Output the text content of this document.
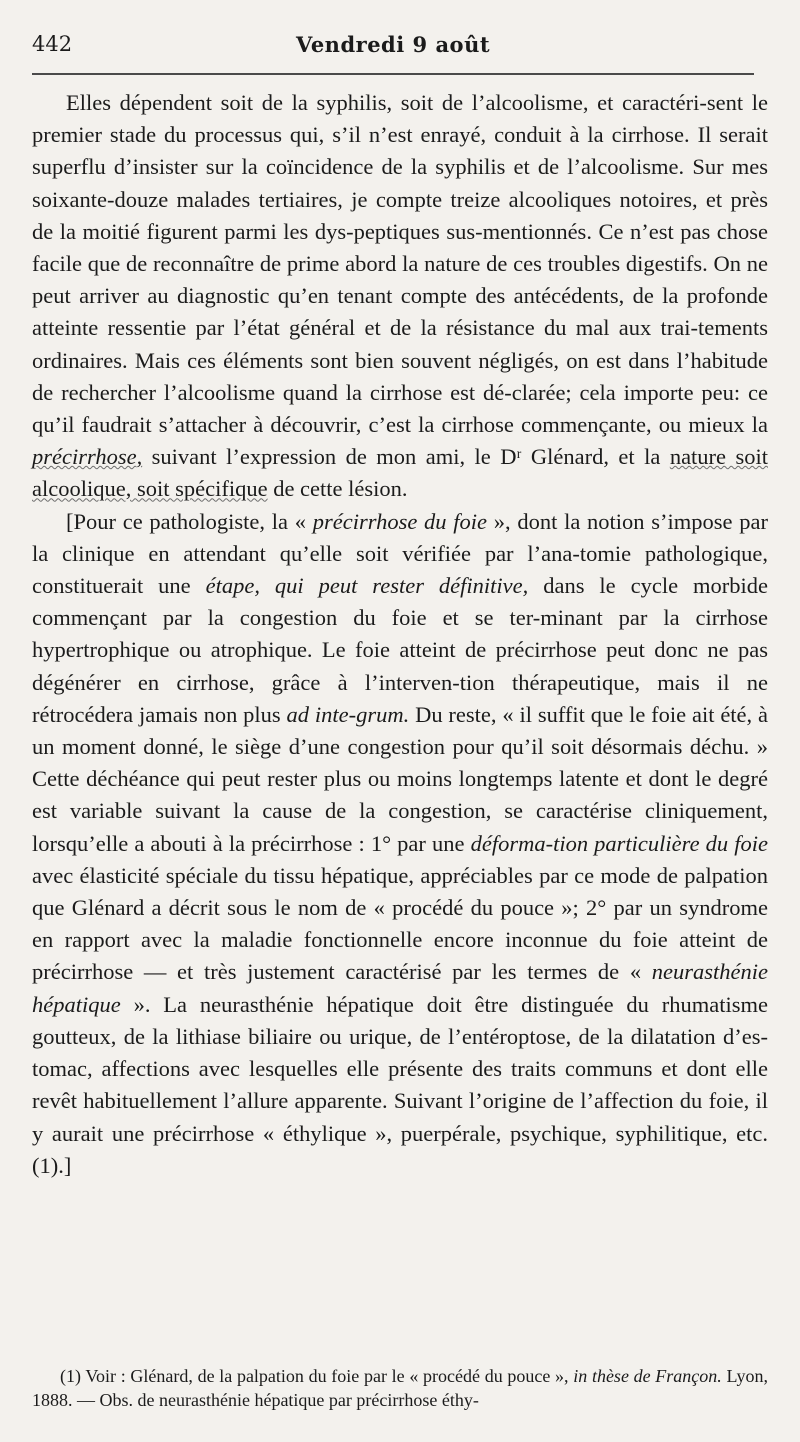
442	Vendredi 9 août

Elles dépendent soit de la syphilis, soit de l’alcoolisme, et caractéri-sent le premier stade du processus qui, s’il n’est enrayé, conduit à la cirrhose. Il serait superflu d’insister sur la coïncidence de la syphilis et de l’alcoolisme. Sur mes soixante-douze malades tertiaires, je compte treize alcooliques notoires, et près de la moitié figurent parmi les dys-peptiques sus-mentionnés. Ce n’est pas chose facile que de reconnaître de prime abord la nature de ces troubles digestifs. On ne peut arriver au diagnostic qu’en tenant compte des antécédents, de la profonde atteinte ressentie par l’état général et de la résistance du mal aux trai-tements ordinaires. Mais ces éléments sont bien souvent négligés, on est dans l’habitude de rechercher l’alcoolisme quand la cirrhose est dé-clarée; cela importe peu: ce qu’il faudrait s’attacher à découvrir, c’est la cirrhose commençante, ou mieux la précirrhose, suivant l’expression de mon ami, le Dʳ Glénard, et la nature soit alcoolique, soit spécifique de cette lésion.

[Pour ce pathologiste, la « précirrhose du foie », dont la notion s’impose par la clinique en attendant qu’elle soit vérifiée par l’ana-tomie pathologique, constituerait une étape, qui peut rester définitive, dans le cycle morbide commençant par la congestion du foie et se ter-minant par la cirrhose hypertrophique ou atrophique. Le foie atteint de précirrhose peut donc ne pas dégénérer en cirrhose, grâce à l’interven-tion thérapeutique, mais il ne rétrocédera jamais non plus ad inte-grum. Du reste, « il suffit que le foie ait été, à un moment donné, le siège d’une congestion pour qu’il soit désormais déchu. » Cette déchéance qui peut rester plus ou moins longtemps latente et dont le degré est variable suivant la cause de la congestion, se caractérise cliniquement, lorsqu’elle a abouti à la précirrhose : 1° par une déforma-tion particulière du foie avec élasticité spéciale du tissu hépatique, appréciables par ce mode de palpation que Glénard a décrit sous le nom de « procédé du pouce »; 2° par un syndrome en rapport avec la maladie fonctionnelle encore inconnue du foie atteint de précirrhose — et très justement caractérisé par les termes de « neurasthénie hépatique ». La neurasthénie hépatique doit être distinguée du rhumatisme goutteux, de la lithiase biliaire ou urique, de l’entéroptose, de la dilatation d’es-tomac, affections avec lesquelles elle présente des traits communs et dont elle revêt habituellement l’allure apparente. Suivant l’origine de l’affection du foie, il y aurait une précirrhose « éthylique », puerpérale, psychique, syphilitique, etc. (1).]

(1) Voir : Glénard, de la palpation du foie par le « procédé du pouce », in thèse de Françon. Lyon, 1888. — Obs. de neurasthénie hépatique par précirrhose éthy-
